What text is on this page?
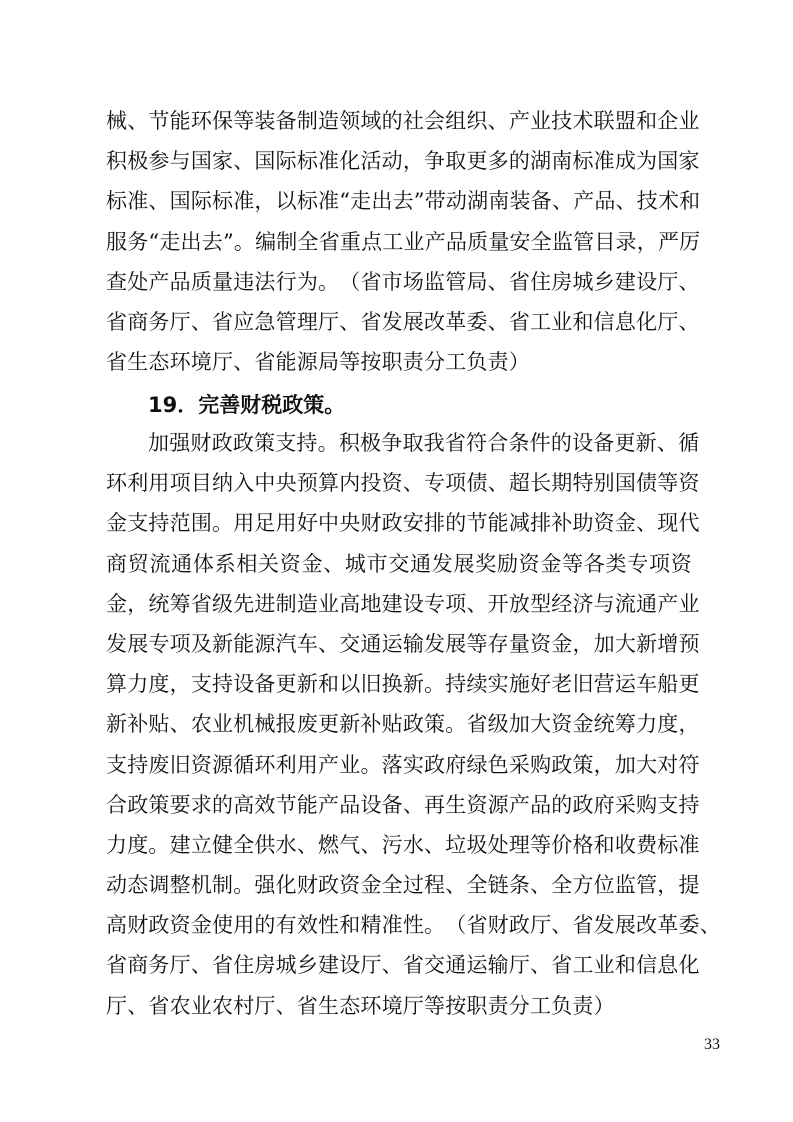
械 、 节 能 环 保 等 装 备 制 造 领 域 的 社 会 组 织 、 产 业 技 术 联 盟 和 企 业
积 极 参 与 国 家 、 国 际 标 准 化 活 动 ， 争 取 更 多 的 湖 南 标 准 成 为 国 家
标 准 、 国 际 标 准 ， 以 标 准 “ 走 出 去 ” 带 动 湖 南 装 备 、 产 品 、 技 术 和
服 务 “ 走 出 去 ” 。 编 制 全 省 重 点 工 业 产 品 质 量 安 全 监 管 目 录 ， 严 厉
查 处 产 品 质 量 违 法 行 为 。 （ 省 市 场 监 管 局 、 省 住 房 城 乡 建 设 厅 、
省 商 务 厅 、 省 应 急 管 理 厅 、 省 发 展 改 革 委 、 省 工 业 和 信 息 化 厅 、
省生态环境厅、省能源局等按职责分工负责）
19．完善财税政策。
加 强 财 政 政 策 支 持 。 积 极 争 取 我 省 符 合 条 件 的 设 备 更 新 、 循
环 利 用 项 目 纳 入 中 央 预 算 内 投 资 、 专 项 债 、 超 长 期 特 别 国 债 等 资
金 支 持 范 围 。 用 足 用 好 中 央 财 政 安 排 的 节 能 减 排 补 助 资 金 、 现 代
商 贸 流 通 体 系 相 关 资 金 、 城 市 交 通 发 展 奖 励 资 金 等 各 类 专 项 资
金 ， 统 筹 省 级 先 进 制 造 业 高 地 建 设 专 项 、 开 放 型 经 济 与 流 通 产 业
发 展 专 项 及 新 能 源 汽 车 、 交 通 运 输 发 展 等 存 量 资 金 ， 加 大 新 增 预
算 力 度 ， 支 持 设 备 更 新 和 以 旧 换 新 。 持 续 实 施 好 老 旧 营 运 车 船 更
新 补 贴 、 农 业 机 械 报 废 更 新 补 贴 政 策 。 省 级 加 大 资 金 统 筹 力 度 ，
支 持 废 旧 资 源 循 环 利 用 产 业 。 落 实 政 府 绿 色 采 购 政 策 ， 加 大 对 符
合 政 策 要 求 的 高 效 节 能 产 品 设 备 、 再 生 资 源 产 品 的 政 府 采 购 支 持
力 度 。 建 立 健 全 供 水 、 燃 气 、 污 水 、 垃 圾 处 理 等 价 格 和 收 费 标 准
动 态 调 整 机 制 。 强 化 财 政 资 金 全 过 程 、 全 链 条 、 全 方 位 监 管 ， 提
高 财 政 资 金 使 用 的 有 效 性 和 精 准 性 。 （ 省 财 政 厅 、 省 发 展 改 革 委 、
省 商 务 厅 、 省 住 房 城 乡 建 设 厅 、 省 交 通 运 输 厅 、 省 工 业 和 信 息 化
厅、省农业农村厅、省生态环境厅等按职责分工负责）
33
